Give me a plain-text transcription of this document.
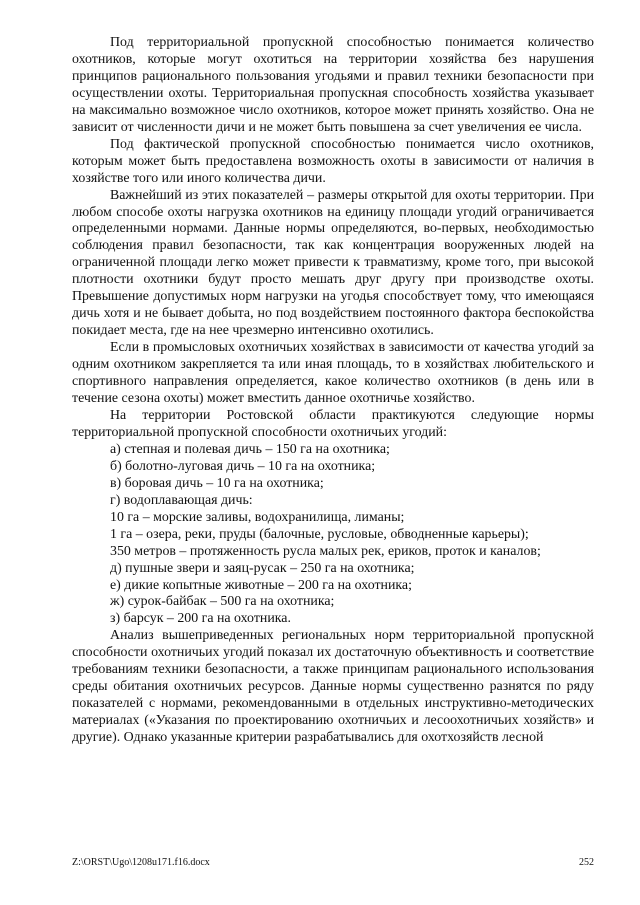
Под территориальной пропускной способностью понимается количество охотников, которые могут охотиться на территории хозяйства без нарушения принципов рационального пользования угодьями и правил техники безопасности при осуществлении охоты. Территориальная пропускная способность хозяйства указывает на максимально возможное число охотников, которое может принять хозяйство. Она не зависит от численности дичи и не может быть повышена за счет увеличения ее числа.

Под фактической пропускной способностью понимается число охотников, которым может быть предоставлена возможность охоты в зависимости от наличия в хозяйстве того или иного количества дичи.

Важнейший из этих показателей – размеры открытой для охоты территории. При любом способе охоты нагрузка охотников на единицу площади угодий ограничивается определенными нормами. Данные нормы определяются, во-первых, необходимостью соблюдения правил безопасности, так как концентрация вооруженных людей на ограниченной площади легко может привести к травматизму, кроме того, при высокой плотности охотники будут просто мешать друг другу при производстве охоты. Превышение допустимых норм нагрузки на угодья способствует тому, что имеющаяся дичь хотя и не бывает добыта, но под воздействием постоянного фактора беспокойства покидает места, где на нее чрезмерно интенсивно охотились.

Если в промысловых охотничьих хозяйствах в зависимости от качества угодий за одним охотником закрепляется та или иная площадь, то в хозяйствах любительского и спортивного направления определяется, какое количество охотников (в день или в течение сезона охоты) может вместить данное охотничье хозяйство.

На территории Ростовской области практикуются следующие нормы территориальной пропускной способности охотничьих угодий:

а) степная и полевая дичь – 150 га на охотника;
б) болотно-луговая дичь – 10 га на охотника;
в) боровая дичь – 10 га на охотника;
г) водоплавающая дичь:
10 га – морские заливы, водохранилища, лиманы;
1 га – озера, реки, пруды (балочные, русловые, обводненные карьеры);
350 метров – протяженность русла малых рек, ериков, проток и каналов;
д) пушные звери и заяц-русак – 250 га на охотника;
е) дикие копытные животные – 200 га на охотника;
ж) сурок-байбак – 500 га на охотника;
з) барсук – 200 га на охотника.

Анализ вышеприведенных региональных норм территориальной пропускной способности охотничьих угодий показал их достаточную объективность и соответствие требованиям техники безопасности, а также принципам рационального использования среды обитания охотничьих ресурсов. Данные нормы существенно разнятся по ряду показателей с нормами, рекомендованными в отдельных инструктивно-методических материалах («Указания по проектированию охотничьих и лесоохотничьих хозяйств» и другие). Однако указанные критерии разрабатывались для охотхозяйств лесной

Z:\ORST\Ugo\1208u171.f16.docx	252
